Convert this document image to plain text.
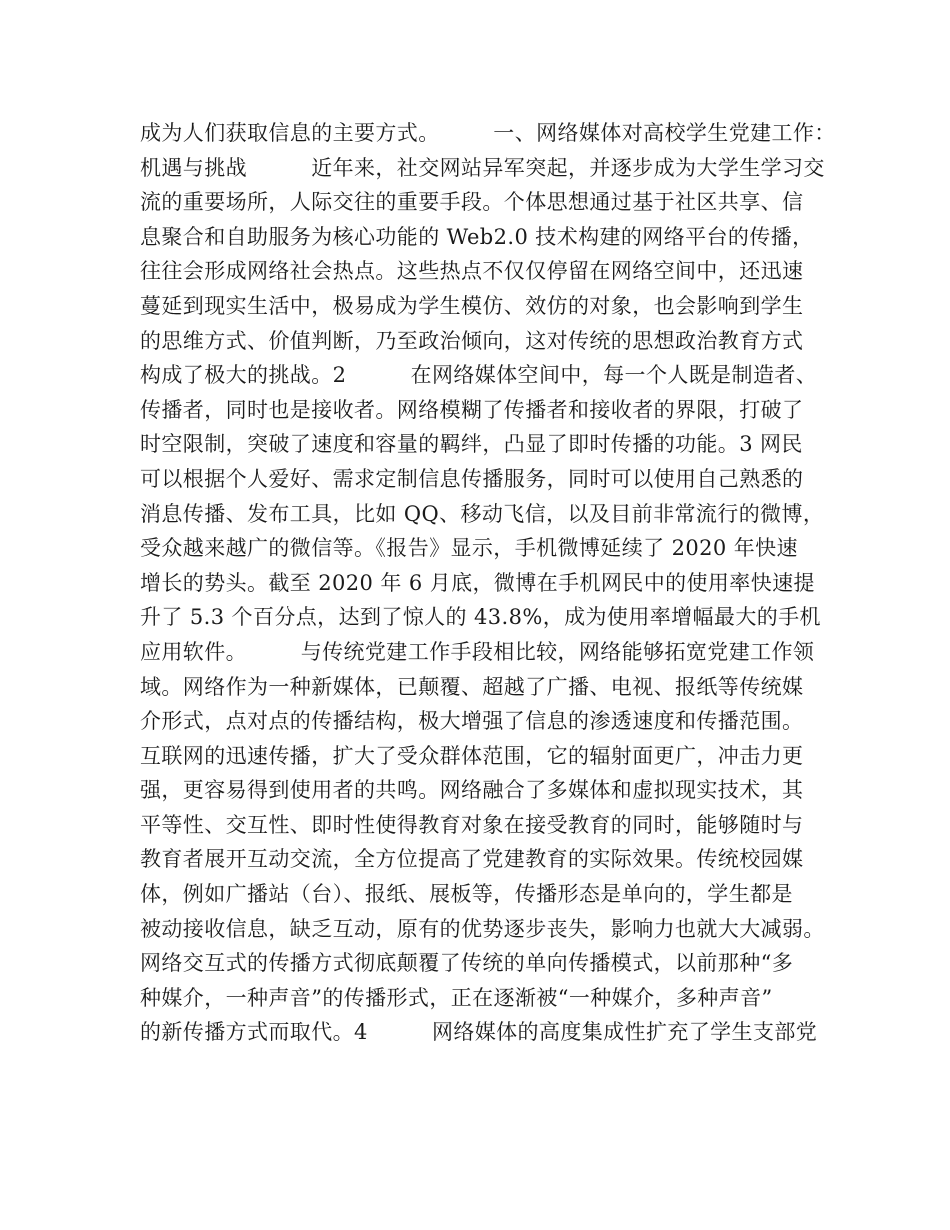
成为人们获取信息的主要方式。　　　一、网络媒体对高校学生党建工作：
机遇与挑战　　　近年来，社交网站异军突起，并逐步成为大学生学习交
流的重要场所，人际交往的重要手段。个体思想通过基于社区共享、信
息聚合和自助服务为核心功能的 Web2.0 技术构建的网络平台的传播，
往往会形成网络社会热点。这些热点不仅仅停留在网络空间中，还迅速
蔓延到现实生活中，极易成为学生模仿、效仿的对象，也会影响到学生
的思维方式、价值判断，乃至政治倾向，这对传统的思想政治教育方式
构成了极大的挑战。2　　　在网络媒体空间中，每一个人既是制造者、
传播者，同时也是接收者。网络模糊了传播者和接收者的界限，打破了
时空限制，突破了速度和容量的羁绊，凸显了即时传播的功能。3 网民
可以根据个人爱好、需求定制信息传播服务，同时可以使用自己熟悉的
消息传播、发布工具，比如 QQ、移动飞信，以及目前非常流行的微博，
受众越来越广的微信等。《报告》显示，手机微博延续了 2020 年快速
增长的势头。截至 2020 年 6 月底，微博在手机网民中的使用率快速提
升了 5.3 个百分点，达到了惊人的 43.8%，成为使用率增幅最大的手机
应用软件。　　　与传统党建工作手段相比较，网络能够拓宽党建工作领
域。网络作为一种新媒体，已颠覆、超越了广播、电视、报纸等传统媒
介形式，点对点的传播结构，极大增强了信息的渗透速度和传播范围。
互联网的迅速传播，扩大了受众群体范围，它的辐射面更广，冲击力更
强，更容易得到使用者的共鸣。网络融合了多媒体和虚拟现实技术，其
平等性、交互性、即时性使得教育对象在接受教育的同时，能够随时与
教育者展开互动交流，全方位提高了党建教育的实际效果。传统校园媒
体，例如广播站（台）、报纸、展板等，传播形态是单向的，学生都是
被动接收信息，缺乏互动，原有的优势逐步丧失，影响力也就大大减弱。
网络交互式的传播方式彻底颠覆了传统的单向传播模式，以前那种“多
种媒介，一种声音”的传播形式，正在逐渐被“一种媒介，多种声音”
的新传播方式而取代。4　　　网络媒体的高度集成性扩充了学生支部党
